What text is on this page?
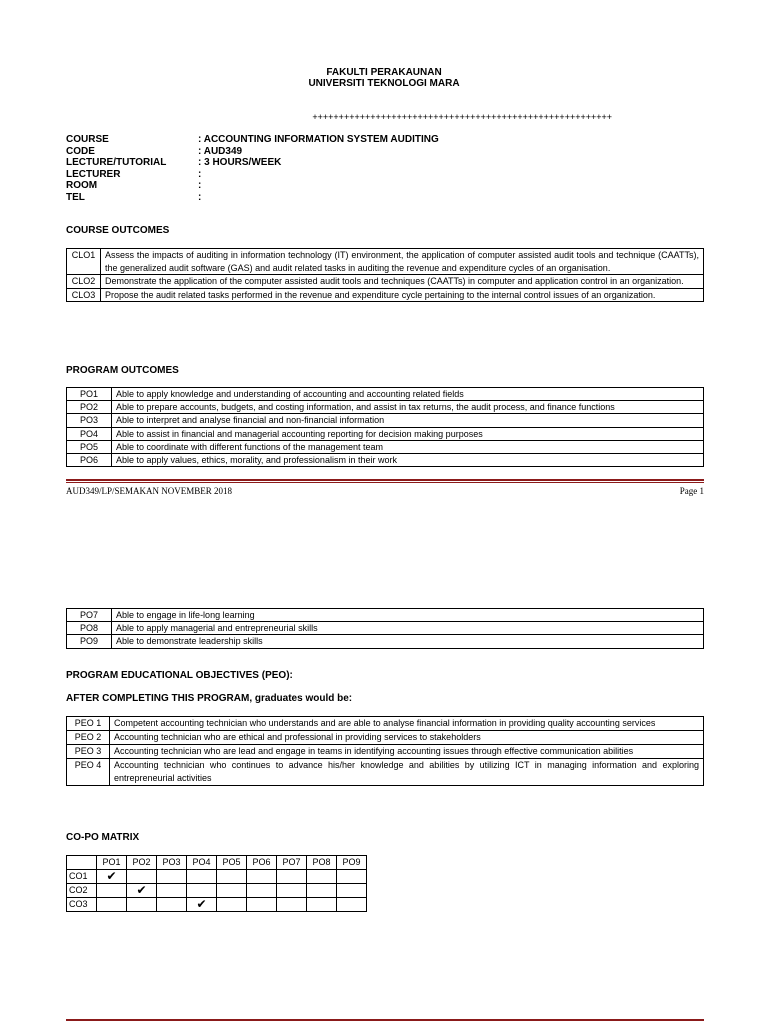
FAKULTI PERAKAUNAN
UNIVERSITI TEKNOLOGI MARA
+++++++++++++++++++++++++++++++++++++++++++++++++++++++++
COURSE	: ACCOUNTING INFORMATION SYSTEM AUDITING
CODE	: AUD349
LECTURE/TUTORIAL	: 3 HOURS/WEEK
LECTURER	:
ROOM	:
TEL	:
COURSE OUTCOMES
CLO1	Assess the impacts of auditing in information technology (IT) environment, the application of computer assisted audit tools and technique (CAATTs), the generalized audit software (GAS) and audit related tasks in auditing the revenue and expenditure cycles of an organisation.
CLO2	Demonstrate the application of the computer assisted audit tools and techniques (CAATTs) in computer and application control in an organization.
CLO3	Propose the audit related tasks performed in the revenue and expenditure cycle pertaining to the internal control issues of an organization.
PROGRAM OUTCOMES
PO1	Able to apply knowledge and understanding of accounting and accounting related fields
PO2	Able to prepare accounts, budgets, and costing information, and assist in tax returns, the audit process, and finance functions
PO3	Able to interpret and analyse financial and non-financial information
PO4	Able to assist in financial and managerial accounting reporting for decision making purposes
PO5	Able to coordinate with different functions of the management team
PO6	Able to apply values, ethics, morality, and professionalism in their work
AUD349/LP/SEMAKAN NOVEMBER 2018	Page 1
PO7	Able to engage in life-long learning
PO8	Able to apply managerial and entrepreneurial skills
PO9	Able to demonstrate leadership skills
PROGRAM EDUCATIONAL OBJECTIVES (PEO):
AFTER COMPLETING THIS PROGRAM, graduates would be:
PEO 1	Competent accounting technician who understands and are able to analyse financial information in providing quality accounting services
PEO 2	Accounting technician who are ethical and professional in providing services to stakeholders
PEO 3	Accounting technician who are lead and engage in teams in identifying accounting issues through effective communication abilities
PEO 4	Accounting technician who continues to advance his/her knowledge and abilities by utilizing ICT in managing information and exploring entrepreneurial activities
CO-PO MATRIX
	PO1	PO2	PO3	PO4	PO5	PO6	PO7	PO8	PO9
CO1	✔								
CO2		✔							
CO3				✔					
